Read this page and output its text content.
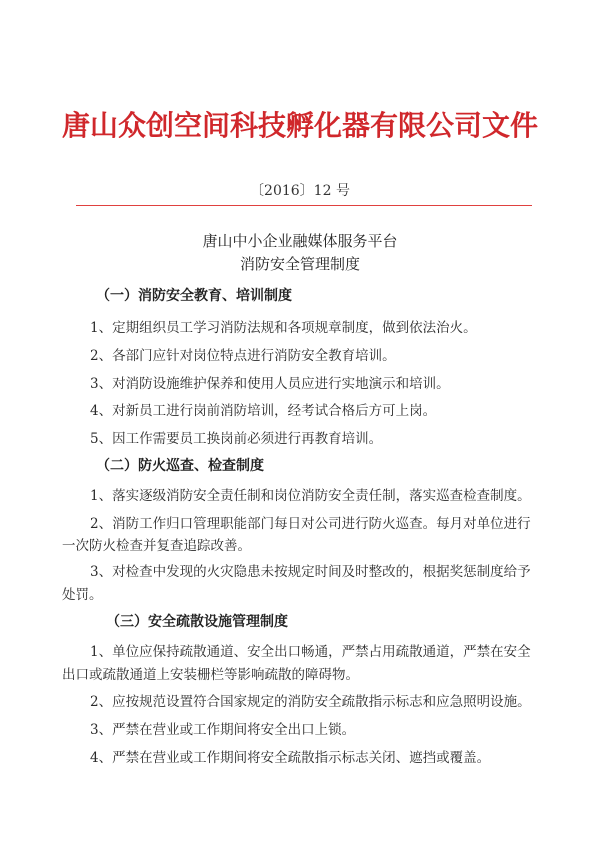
唐山众创空间科技孵化器有限公司文件
〔2016〕12 号
唐山中小企业融媒体服务平台
消防安全管理制度
（一）消防安全教育、培训制度
1、定期组织员工学习消防法规和各项规章制度，做到依法治火。
2、各部门应针对岗位特点进行消防安全教育培训。
3、对消防设施维护保养和使用人员应进行实地演示和培训。
4、对新员工进行岗前消防培训，经考试合格后方可上岗。
5、因工作需要员工换岗前必须进行再教育培训。
（二）防火巡查、检查制度
1、落实逐级消防安全责任制和岗位消防安全责任制，落实巡查检查制度。
2、消防工作归口管理职能部门每日对公司进行防火巡查。每月对单位进行
一次防火检查并复查追踪改善。
3、对检查中发现的火灾隐患未按规定时间及时整改的，根据奖惩制度给予
处罚。
（三）安全疏散设施管理制度
1、单位应保持疏散通道、安全出口畅通，严禁占用疏散通道，严禁在安全
出口或疏散通道上安装栅栏等影响疏散的障碍物。
2、应按规范设置符合国家规定的消防安全疏散指示标志和应急照明设施。
3、严禁在营业或工作期间将安全出口上锁。
4、严禁在营业或工作期间将安全疏散指示标志关闭、遮挡或覆盖。
